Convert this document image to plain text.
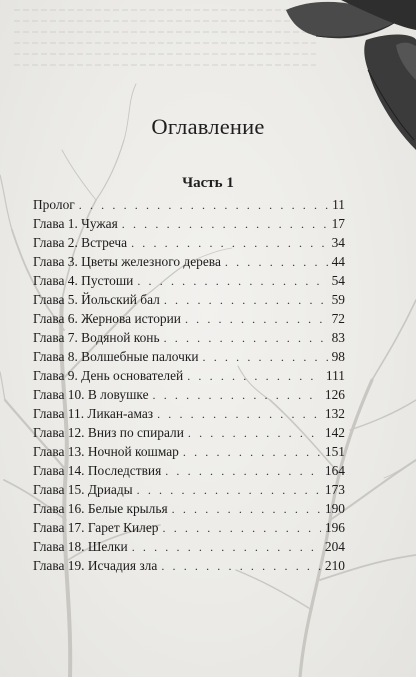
Оглавление
Часть 1
Пролог . . .	11
Глава 1. Чужая . . .	17
Глава 2. Встреча . . .	34
Глава 3. Цветы железного дерева . . .	44
Глава 4. Пустоши . . .	54
Глава 5. Йольский бал . . .	59
Глава 6. Жернова истории . . .	72
Глава 7. Водяной конь . . .	83
Глава 8. Волшебные палочки . . .	98
Глава 9. День основателей . . .	111
Глава 10. В ловушке . . .	126
Глава 11. Ликан-амаз . . .	132
Глава 12. Вниз по спирали . . .	142
Глава 13. Ночной кошмар . . .	151
Глава 14. Последствия . . .	164
Глава 15. Дриады . . .	173
Глава 16. Белые крылья . . .	190
Глава 17. Гарет Килер . . .	196
Глава 18. Шелки . . .	204
Глава 19. Исчадия зла . . .	210
